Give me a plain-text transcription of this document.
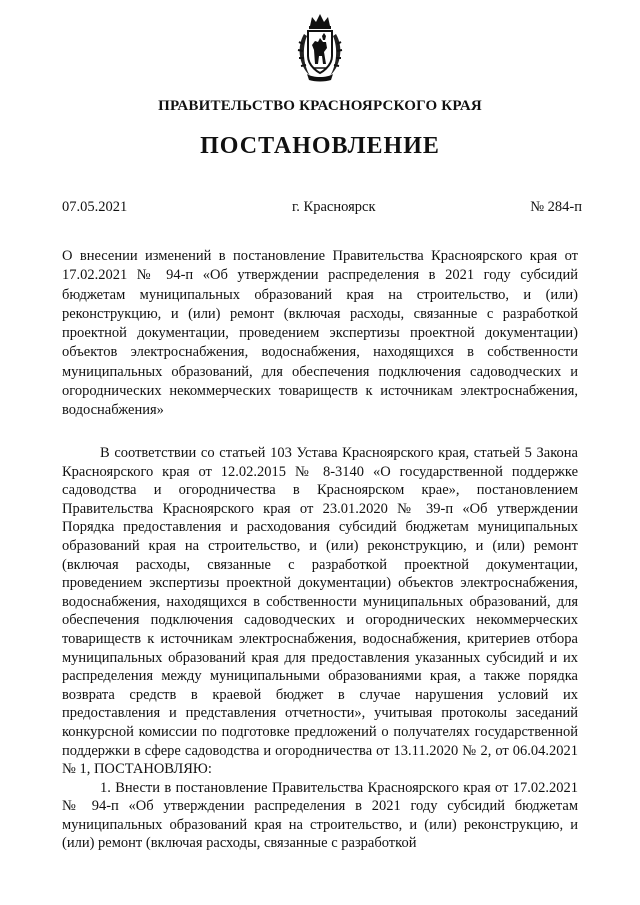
ПРАВИТЕЛЬСТВО КРАСНОЯРСКОГО КРАЯ
ПОСТАНОВЛЕНИЕ
07.05.2021	г. Красноярск	№ 284-п

О внесении изменений в постановление Правительства Красноярского края от 17.02.2021 № 94-п «Об утверждении распределения в 2021 году субсидий бюджетам муниципальных образований края на строительство, и (или) реконструкцию, и (или) ремонт (включая расходы, связанные с разработкой проектной документации, проведением экспертизы проектной документации) объектов электроснабжения, водоснабжения, находящихся в собственности муниципальных образований, для обеспечения подключения садоводческих и огороднических некоммерческих товариществ к источникам электроснабжения, водоснабжения»

В соответствии со статьей 103 Устава Красноярского края, статьей 5 Закона Красноярского края от 12.02.2015 № 8-3140 «О государственной поддержке садоводства и огородничества в Красноярском крае», постановлением Правительства Красноярского края от 23.01.2020 № 39-п «Об утверждении Порядка предоставления и расходования субсидий бюджетам муниципальных образований края на строительство, и (или) реконструкцию, и (или) ремонт (включая расходы, связанные с разработкой проектной документации, проведением экспертизы проектной документации) объектов электроснабжения, водоснабжения, находящихся в собственности муниципальных образований, для обеспечения подключения садоводческих и огороднических некоммерческих товариществ к источникам электроснабжения, водоснабжения, критериев отбора муниципальных образований края для предоставления указанных субсидий и их распределения между муниципальными образованиями края, а также порядка возврата средств в краевой бюджет в случае нарушения условий их предоставления и представления отчетности», учитывая протоколы заседаний конкурсной комиссии по подготовке предложений о получателях государственной поддержки в сфере садоводства и огородничества от 13.11.2020 № 2, от 06.04.2021 № 1, ПОСТАНОВЛЯЮ:

1. Внести в постановление Правительства Красноярского края от 17.02.2021 № 94-п «Об утверждении распределения в 2021 году субсидий бюджетам муниципальных образований края на строительство, и (или) реконструкцию, и (или) ремонт (включая расходы, связанные с разработкой
